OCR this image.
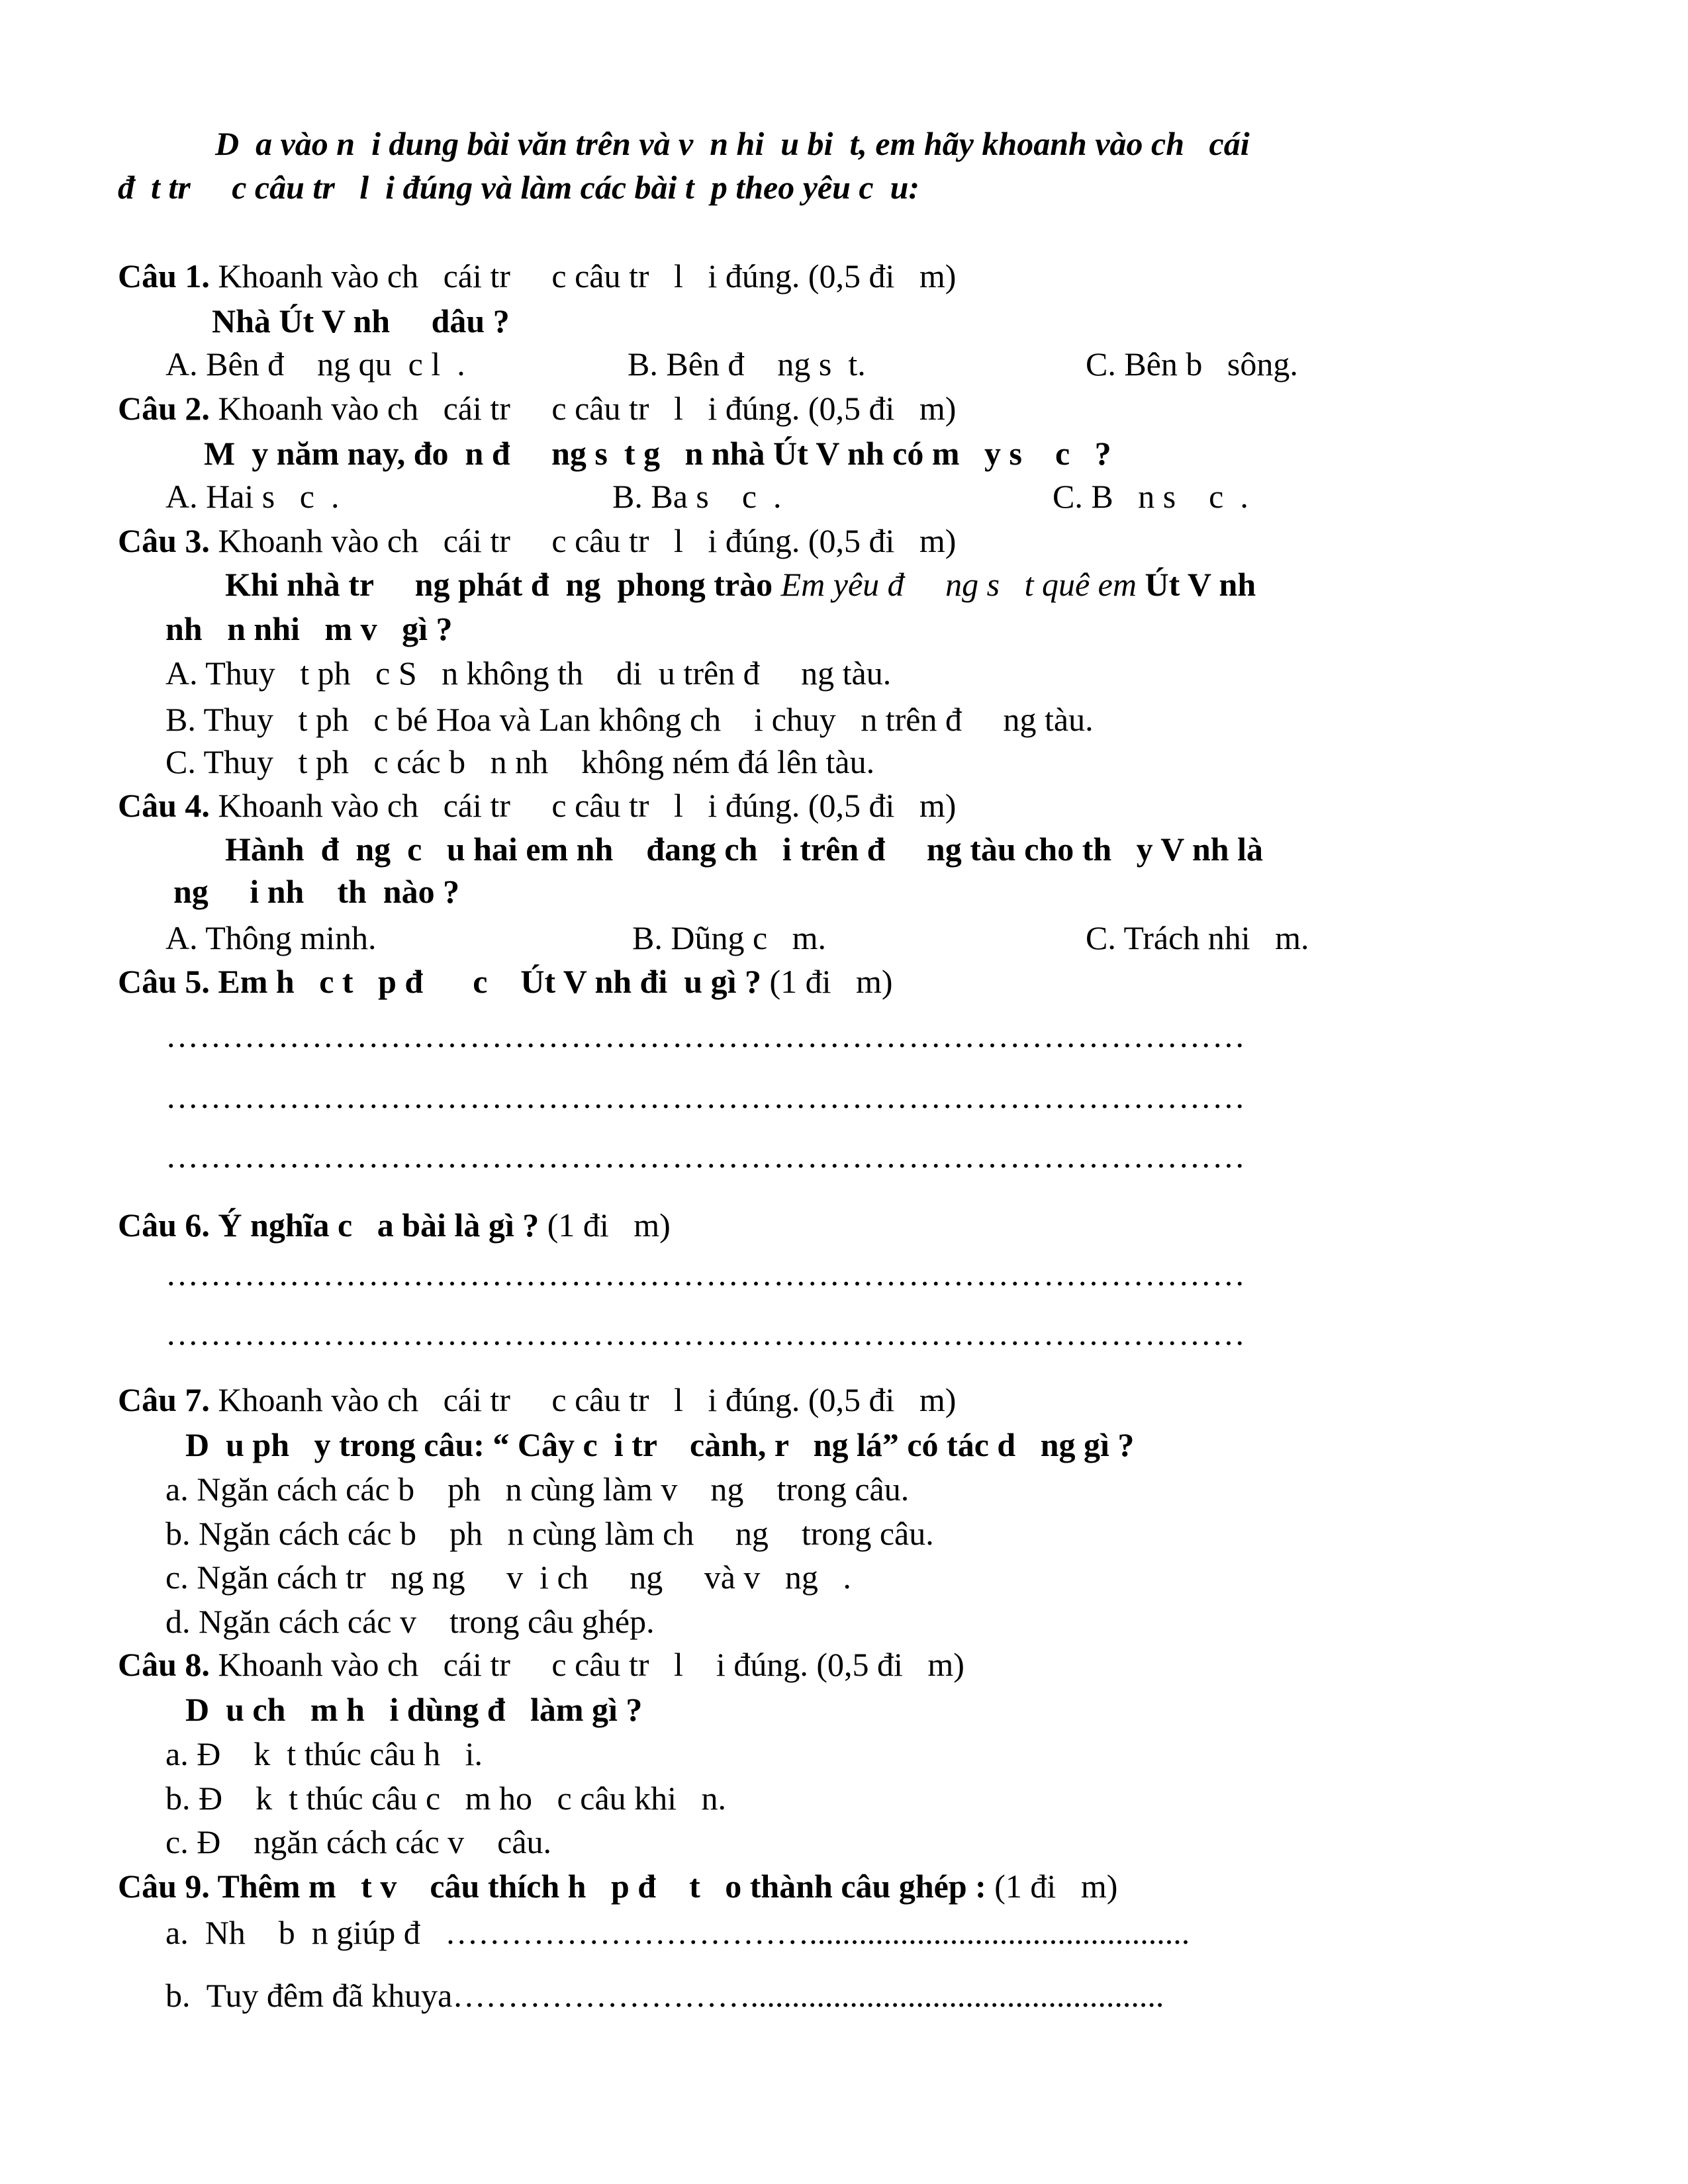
D  a vào n  i dung bài văn trên và v  n hi  u bi  t, em hãy khoanh vào ch   cái
đ  t tr     c câu tr   l  i đúng và làm các bài t  p theo yêu c  u:
Câu 1. Khoanh vào ch   cái tr     c câu tr   l   i đúng. (0,5 đi   m)
Nhà Út V nh     dâu ?
A. Bên đ    ng qu  c l  .	B. Bên đ    ng s  t.	C. Bên b   sông.
Câu 2. Khoanh vào ch   cái tr     c câu tr   l   i đúng. (0,5 đi   m)
M  y năm nay, đo  n đ     ng s  t g   n nhà Út V nh có m   y s    c   ?
A. Hai s   c  .	B. Ba s    c  .	C. B   n s    c  .
Câu 3. Khoanh vào ch   cái tr     c câu tr   l   i đúng. (0,5 đi   m)
Khi nhà tr     ng phát đ  ng  phong trào Em yêu đ     ng s   t quê em Út V nh
nh   n nhi   m v   gì ?
A. Thuy   t ph   c S   n không th    di  u trên đ     ng tàu.
B. Thuy   t ph   c bé Hoa và Lan không ch    i chuy   n trên đ     ng tàu.
C. Thuy   t ph   c các b   n nh    không ném đá lên tàu.
Câu 4. Khoanh vào ch   cái tr     c câu tr   l   i đúng. (0,5 đi   m)
Hành  đ  ng  c   u hai em nh    đang ch   i trên đ     ng tàu cho th   y V nh là
ng     i nh    th  nào ?
A. Thông minh.	B. Dũng c   m.	C. Trách nhi   m.
Câu 5. Em h   c t   p đ      c    Út V nh đi  u gì ? (1 đi   m)
……………………………………………………………………………………
……………………………………………………………………………………
……………………………………………………………………………………
Câu 6. Ý nghĩa c   a bài là gì ? (1 đi   m)
……………………………………………………………………………………
……………………………………………………………………………………
Câu 7. Khoanh vào ch   cái tr     c câu tr   l   i đúng. (0,5 đi   m)
D  u ph   y trong câu: “ Cây c  i tr    cành, r   ng lá” có tác d   ng gì ?
a. Ngăn cách các b    ph   n cùng làm v    ng    trong câu.
b. Ngăn cách các b    ph   n cùng làm ch     ng    trong câu.
c. Ngăn cách tr   ng ng     v  i ch     ng     và v   ng   .
d. Ngăn cách các v    trong câu ghép.
Câu 8. Khoanh vào ch   cái tr     c câu tr   l    i đúng. (0,5 đi   m)
D  u ch   m h   i dùng đ   làm gì ?
a. Đ    k  t thúc câu h   i.
b. Đ    k  t thúc câu c   m ho   c câu khi   n.
c. Đ    ngăn cách các v    câu.
Câu 9. Thêm m   t v    câu thích h   p đ    t   o thành câu ghép : (1 đi   m)
a.  Nh    b  n giúp đ   ……………………………..............................................
b.  Tuy đêm đã khuya………………………..................................................
